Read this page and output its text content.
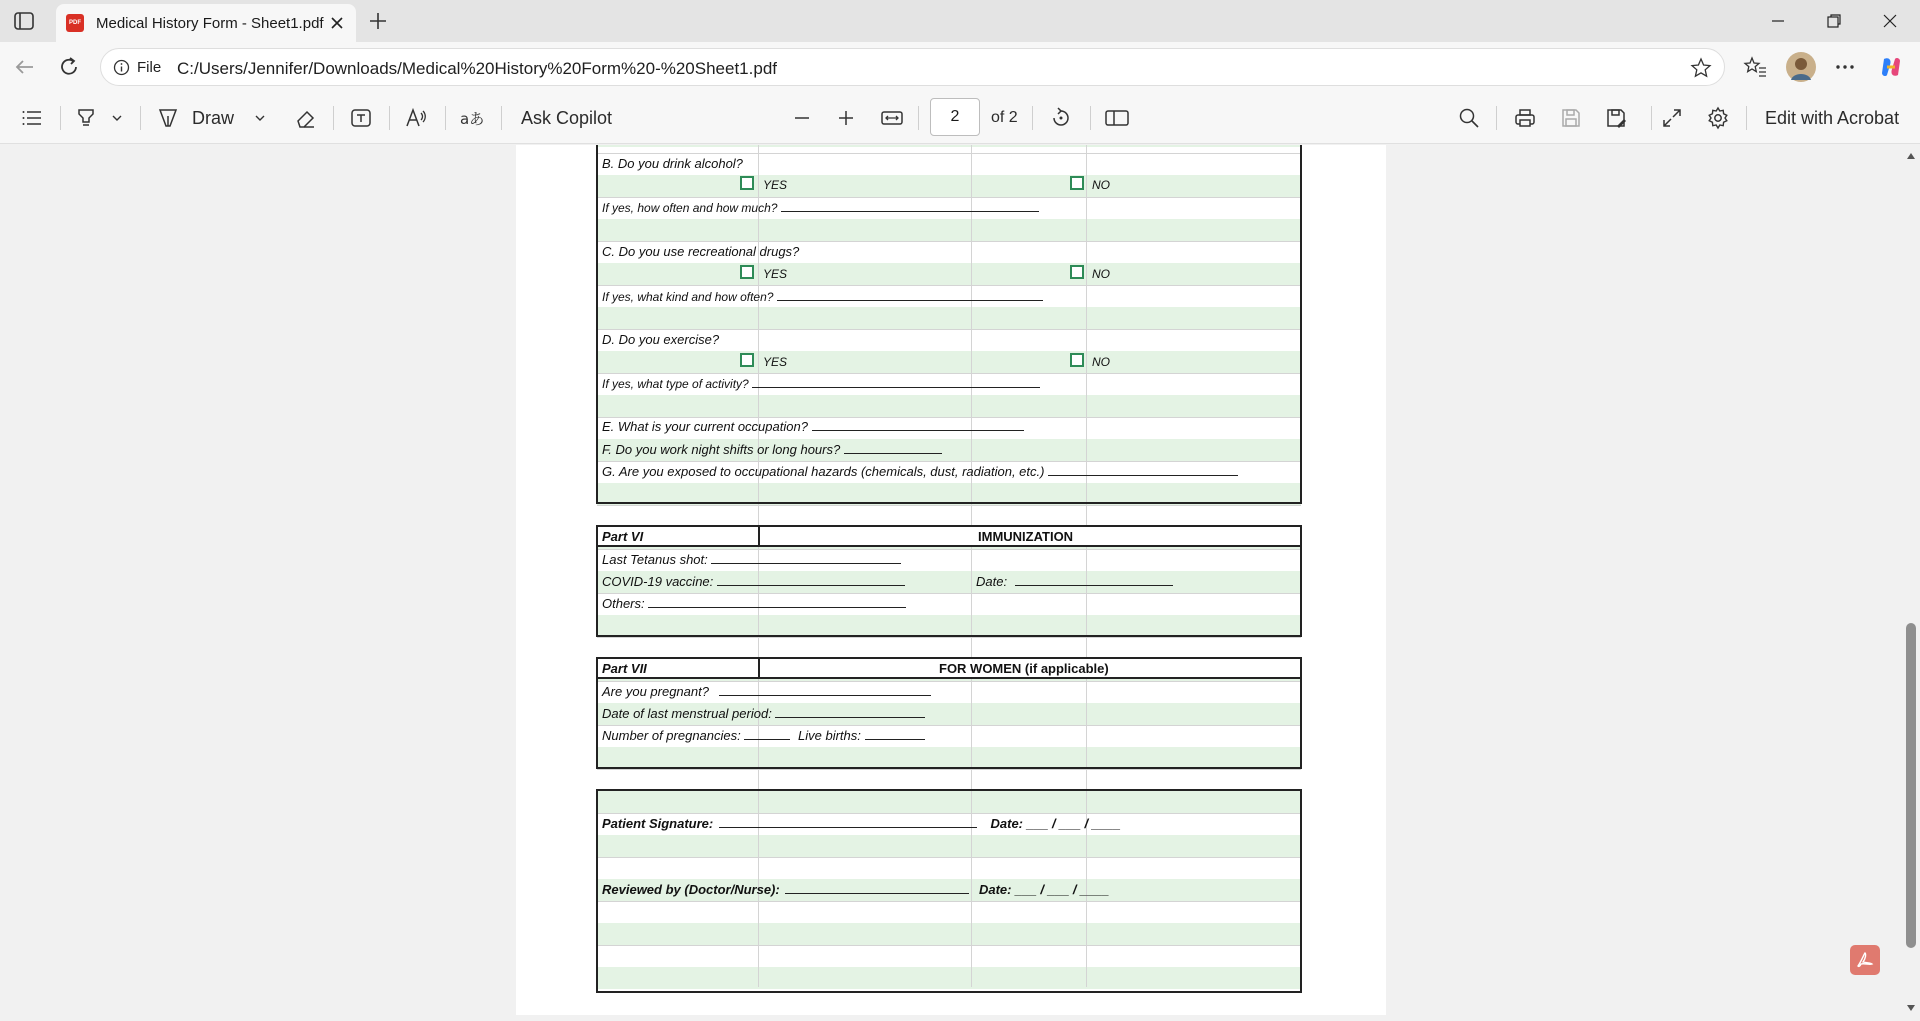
PDF Medical History Form - Sheet1.pdf
File C:/Users/Jennifer/Downloads/Medical%20History%20Form%20-%20Sheet1.pdf
Draw	aあ Ask Copilot	2	of 2	Edit with Acrobat
B. Do you drink alcohol?
YES	NO
If yes, how often and how much?
C. Do you use recreational drugs?
YES	NO
If yes, what kind and how often?
D. Do you exercise?
YES	NO
If yes, what type of activity?
E. What is your current occupation?
F. Do you work night shifts or long hours?
G. Are you exposed to occupational hazards (chemicals, dust, radiation, etc.)
Part VI	IMMUNIZATION
Last Tetanus shot:
COVID-19 vaccine:	Date:
Others:
Part VII	FOR WOMEN (if applicable)
Are you pregnant?
Date of last menstrual period:
Number of pregnancies:	Live births:
Patient Signature:	Date: ___ / ___ / ____
Reviewed by (Doctor/Nurse):	Date: ___ / ___ / ____
